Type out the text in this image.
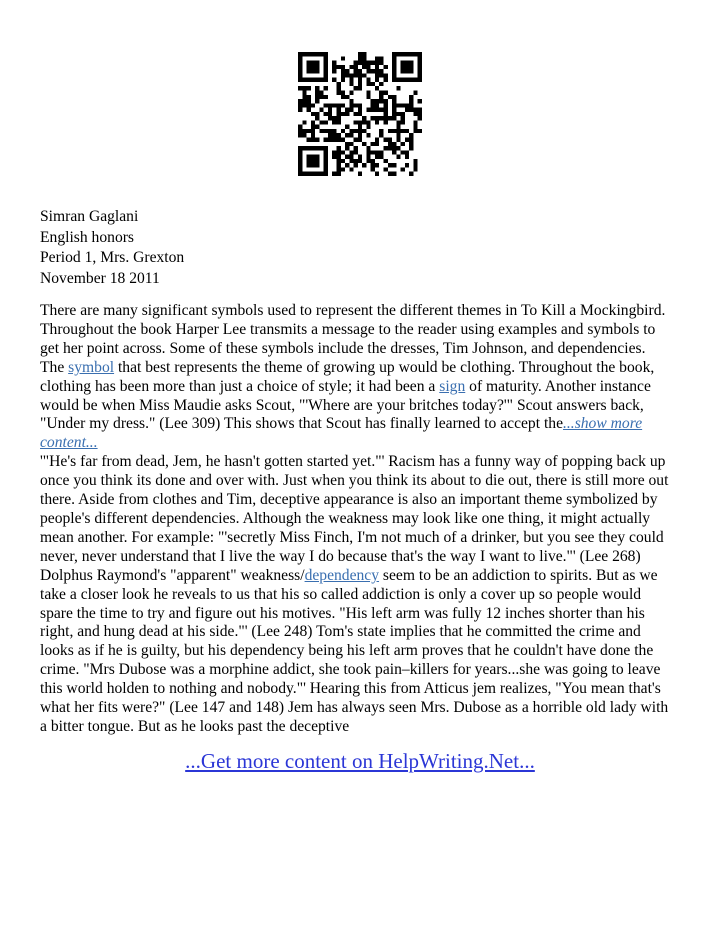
Simran Gaglani
English honors
Period 1, Mrs. Grexton
November 18 2011
There are many significant symbols used to represent the different themes in To Kill a Mockingbird.
Throughout the book Harper Lee transmits a message to the reader using examples and symbols to
get her point across. Some of these symbols include the dresses, Tim Johnson, and dependencies.
The symbol that best represents the theme of growing up would be clothing. Throughout the book,
clothing has been more than just a choice of style; it had been a sign of maturity. Another instance
would be when Miss Maudie asks Scout, "'Where are your britches today?'" Scout answers back,
"Under my dress." (Lee 309) This shows that Scout has finally learned to accept the...show more
content...
'"He's far from dead, Jem, he hasn't gotten started yet."' Racism has a funny way of popping back up
once you think its done and over with. Just when you think its about to die out, there is still more out
there. Aside from clothes and Tim, deceptive appearance is also an important theme symbolized by
people's different dependencies. Although the weakness may look like one thing, it might actually
mean another. For example: "'secretly Miss Finch, I'm not much of a drinker, but you see they could
never, never understand that I live the way I do because that's the way I want to live."' (Lee 268)
Dolphus Raymond's "apparent" weakness/dependency seem to be an addiction to spirits. But as we
take a closer look he reveals to us that his so called addiction is only a cover up so people would
spare the time to try and figure out his motives. "His left arm was fully 12 inches shorter than his
right, and hung dead at his side."' (Lee 248) Tom's state implies that he committed the crime and
looks as if he is guilty, but his dependency being his left arm proves that he couldn't have done the
crime. "Mrs Dubose was a morphine addict, she took pain–killers for years...she was going to leave
this world holden to nothing and nobody."' Hearing this from Atticus jem realizes, "You mean that's
what her fits were?" (Lee 147 and 148) Jem has always seen Mrs. Dubose as a horrible old lady with
a bitter tongue. But as he looks past the deceptive
...Get more content on HelpWriting.Net...
